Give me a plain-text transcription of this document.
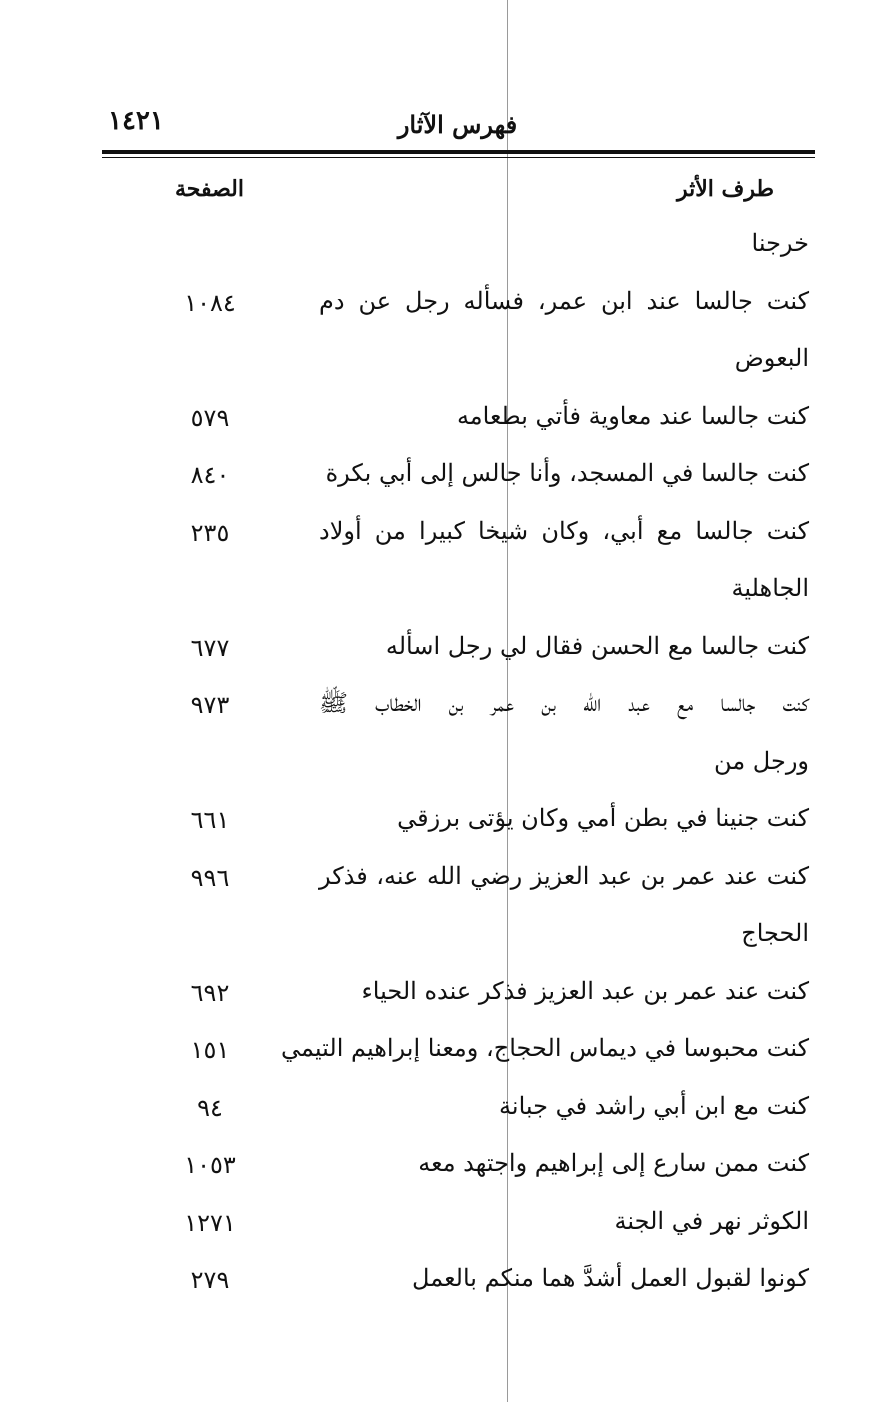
فهرس الآثار
١٤٢١
طرف الأثر
الصفحة
خرجنا
كنت جالسا عند ابن عمر، فسأله رجل عن دم
١٠٨٤
البعوض
كنت جالسا عند معاوية فأتي بطعامه
٥٧٩
كنت جالسا في المسجد، وأنا جالس إلى أبي بكرة
٨٤٠
كنت جالسا مع أبي، وكان شيخا كبيرا من أولاد
٢٣٥
الجاهلية
كنت جالسا مع الحسن فقال لي رجل اسأله
٦٧٧
كنت جالسا مع عبد الله بن عمر بن الخطاب ﷺ
٩٧٣
ورجل من
كنت جنينا في بطن أمي وكان يؤتى برزقي
٦٦١
كنت عند عمر بن عبد العزيز رضي الله عنه، فذكر
٩٩٦
الحجاج
كنت عند عمر بن عبد العزيز فذكر عنده الحياء
٦٩٢
كنت محبوسا في ديماس الحجاج، ومعنا إبراهيم التيمي
١٥١
كنت مع ابن أبي راشد في جبانة
٩٤
كنت ممن سارع إلى إبراهيم واجتهد معه
١٠٥٣
الكوثر نهر في الجنة
١٢٧١
كونوا لقبول العمل أشدَّ هما منكم بالعمل
٢٧٩
